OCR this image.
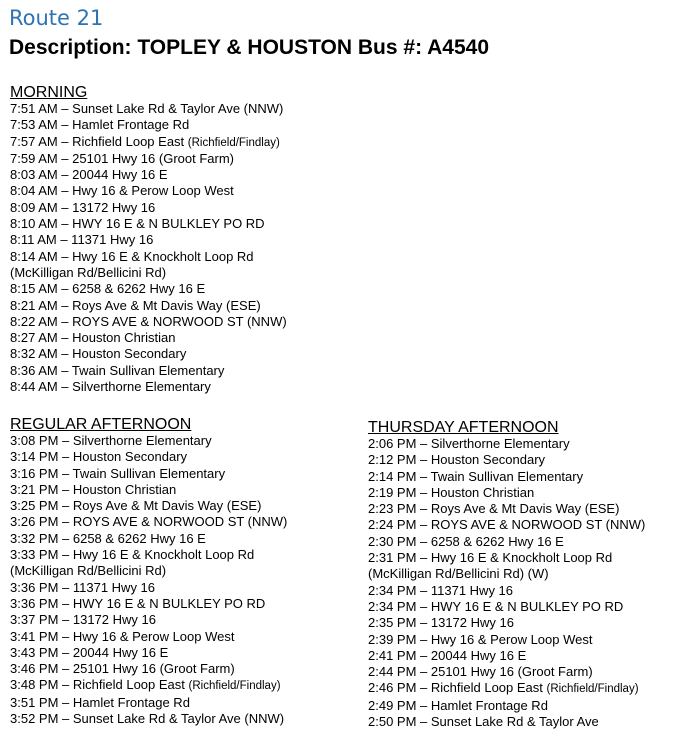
Route 21
Description: TOPLEY & HOUSTON Bus #: A4540
MORNING
7:51 AM – Sunset Lake Rd & Taylor Ave (NNW)
7:53 AM – Hamlet Frontage Rd
7:57 AM – Richfield Loop East (Richfield/Findlay)
7:59 AM – 25101 Hwy 16 (Groot Farm)
8:03 AM – 20044 Hwy 16 E
8:04 AM – Hwy 16 & Perow Loop West
8:09 AM – 13172 Hwy 16
8:10 AM – HWY 16 E & N BULKLEY PO RD
8:11 AM – 11371 Hwy 16
8:14 AM – Hwy 16 E & Knockholt Loop Rd
(McKilligan Rd/Bellicini Rd)
8:15 AM – 6258 & 6262 Hwy 16 E
8:21 AM – Roys Ave & Mt Davis Way (ESE)
8:22 AM – ROYS AVE & NORWOOD ST (NNW)
8:27 AM – Houston Christian
8:32 AM – Houston Secondary
8:36 AM – Twain Sullivan Elementary
8:44 AM – Silverthorne Elementary
REGULAR AFTERNOON
3:08 PM – Silverthorne Elementary
3:14 PM – Houston Secondary
3:16 PM – Twain Sullivan Elementary
3:21 PM – Houston Christian
3:25 PM – Roys Ave & Mt Davis Way (ESE)
3:26 PM – ROYS AVE & NORWOOD ST (NNW)
3:32 PM – 6258 & 6262 Hwy 16 E
3:33 PM – Hwy 16 E & Knockholt Loop Rd
(McKilligan Rd/Bellicini Rd)
3:36 PM – 11371 Hwy 16
3:36 PM – HWY 16 E & N BULKLEY PO RD
3:37 PM – 13172 Hwy 16
3:41 PM – Hwy 16 & Perow Loop West
3:43 PM – 20044 Hwy 16 E
3:46 PM – 25101 Hwy 16 (Groot Farm)
3:48 PM – Richfield Loop East (Richfield/Findlay)
3:51 PM – Hamlet Frontage Rd
3:52 PM – Sunset Lake Rd & Taylor Ave (NNW)
THURSDAY AFTERNOON
2:06 PM – Silverthorne Elementary
2:12 PM – Houston Secondary
2:14 PM – Twain Sullivan Elementary
2:19 PM – Houston Christian
2:23 PM – Roys Ave & Mt Davis Way (ESE)
2:24 PM – ROYS AVE & NORWOOD ST (NNW)
2:30 PM – 6258 & 6262 Hwy 16 E
2:31 PM – Hwy 16 E & Knockholt Loop Rd
(McKilligan Rd/Bellicini Rd) (W)
2:34 PM – 11371 Hwy 16
2:34 PM – HWY 16 E & N BULKLEY PO RD
2:35 PM – 13172 Hwy 16
2:39 PM – Hwy 16 & Perow Loop West
2:41 PM – 20044 Hwy 16 E
2:44 PM – 25101 Hwy 16 (Groot Farm)
2:46 PM – Richfield Loop East (Richfield/Findlay)
2:49 PM – Hamlet Frontage Rd
2:50 PM – Sunset Lake Rd & Taylor Ave
